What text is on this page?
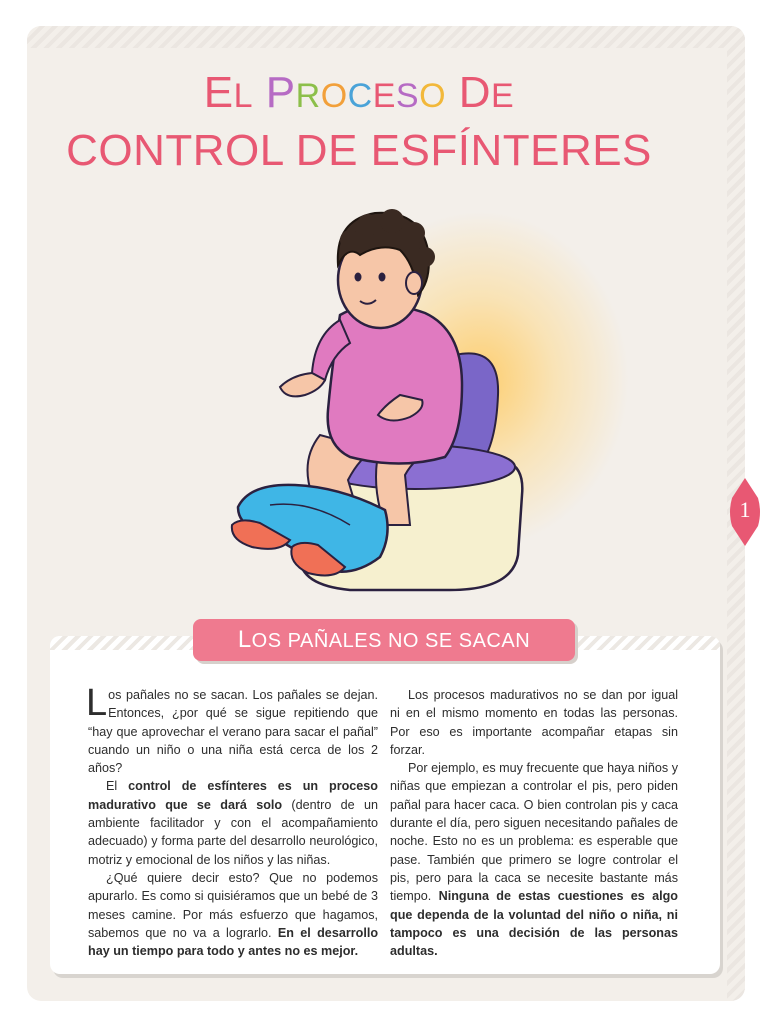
EL PROCESO DE
CONTROL DE ESFÍNTERES
1
LOS PAÑALES NO SE SACAN

Los pañales no se sacan. Los pañales se dejan. Entonces, ¿por qué se sigue repitiendo que “hay que aprovechar el verano para sacar el pañal” cuando un niño o una niña está cerca de los 2 años?

El control de esfínteres es un proceso madurativo que se dará solo (dentro de un ambiente facilitador y con el acompañamiento adecuado) y forma parte del desarrollo neurológico, motriz y emocional de los niños y las niñas.

¿Qué quiere decir esto? Que no podemos apurarlo. Es como si quisiéramos que un bebé de 3 meses camine. Por más esfuerzo que hagamos, sabemos que no va a lograrlo. En el desarrollo hay un tiempo para todo y antes no es mejor.

Los procesos madurativos no se dan por igual ni en el mismo momento en todas las personas. Por eso es importante acompañar etapas sin forzar.

Por ejemplo, es muy frecuente que haya niños y niñas que empiezan a controlar el pis, pero piden pañal para hacer caca. O bien controlan pis y caca durante el día, pero siguen necesitando pañales de noche. Esto no es un problema: es esperable que pase. También que primero se logre controlar el pis, pero para la caca se necesite bastante más tiempo. Ninguna de estas cuestiones es algo que dependa de la voluntad del niño o niña, ni tampoco es una decisión de las personas adultas.
